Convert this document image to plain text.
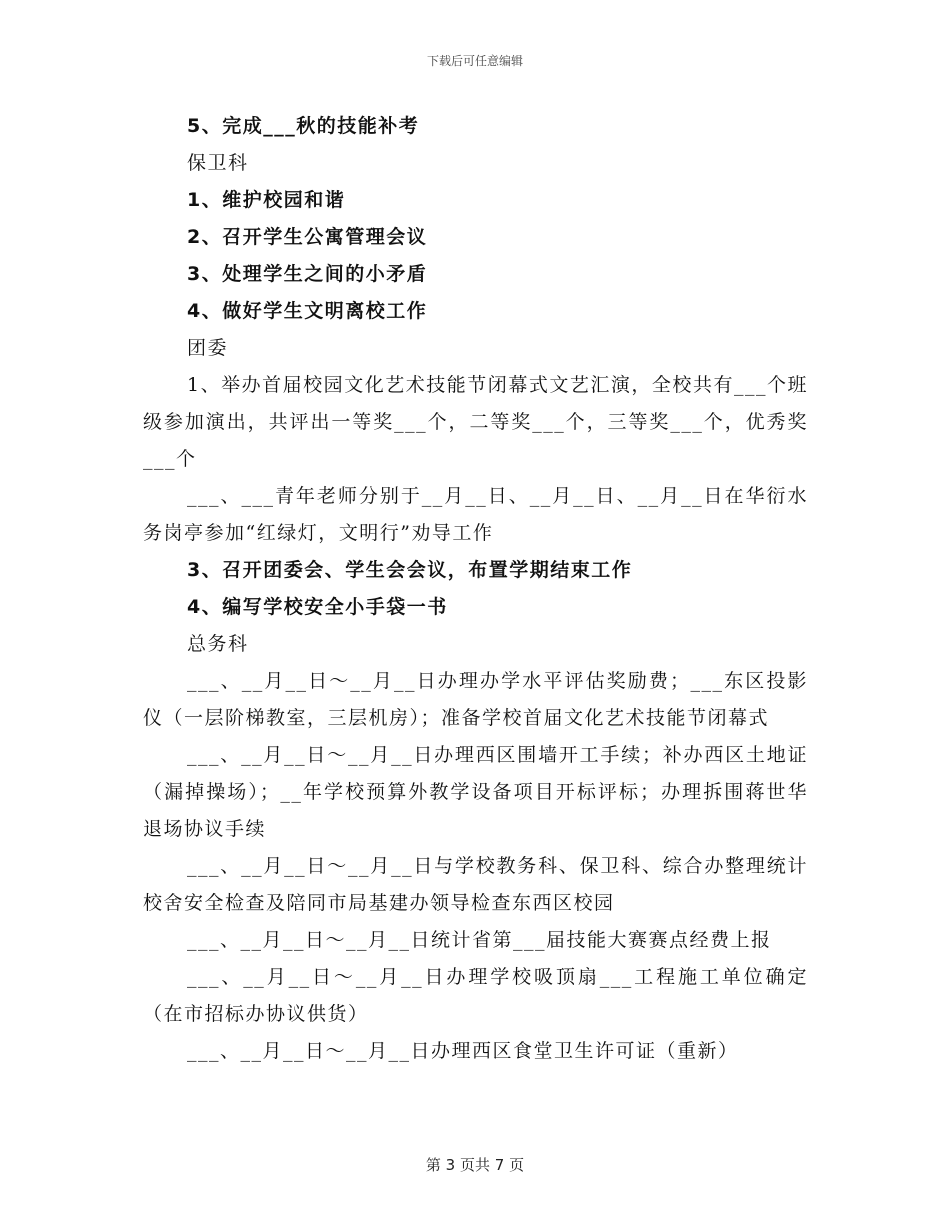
下载后可任意编辑

5、完成___秋的技能补考

保卫科

1、维护校园和谐

2、召开学生公寓管理会议

3、处理学生之间的小矛盾

4、做好学生文明离校工作

团委

1、举办首届校园文化艺术技能节闭幕式文艺汇演，全校共有___个班级参加演出，共评出一等奖___个，二等奖___个，三等奖___个，优秀奖___个

___、___青年老师分别于__月__日、__月__日、__月__日在华衍水务岗亭参加“红绿灯，文明行”劝导工作

3、召开团委会、学生会会议，布置学期结束工作

4、编写学校安全小手袋一书

总务科

___、__月__日～__月__日办理办学水平评估奖励费；___东区投影仪（一层阶梯教室，三层机房）；准备学校首届文化艺术技能节闭幕式

___、__月__日～__月__日办理西区围墙开工手续；补办西区土地证（漏掉操场）；__年学校预算外教学设备项目开标评标；办理拆围蒋世华退场协议手续

___、__月__日～__月__日与学校教务科、保卫科、综合办整理统计校舍安全检查及陪同市局基建办领导检查东西区校园

___、__月__日～__月__日统计省第___届技能大赛赛点经费上报

___、__月__日～__月__日办理学校吸顶扇___工程施工单位确定（在市招标办协议供货）

___、__月__日～__月__日办理西区食堂卫生许可证（重新）

第 3 页共 7 页
